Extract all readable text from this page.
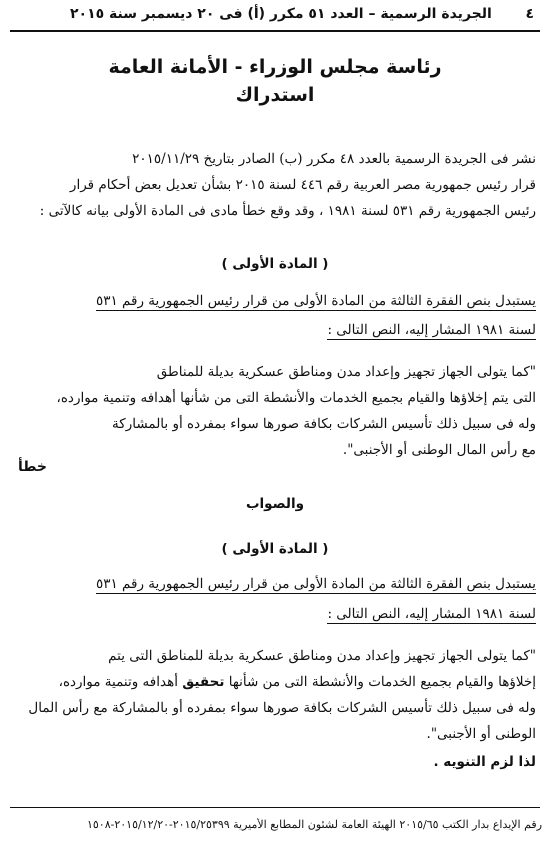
٤
الجريدة الرسمية – العدد ٥١ مكرر (أ) فى ٢٠ ديسمبر سنة ٢٠١٥
رئاسة مجلس الوزراء - الأمانة العامة
استدراك
نشر فى الجريدة الرسمية بالعدد ٤٨ مكرر (ب) الصادر بتاريخ ٢٠١٥/١١/٢٩
قرار رئيس جمهورية مصر العربية رقم ٤٤٦ لسنة ٢٠١٥ بشأن تعديل بعض أحكام قرار
رئيس الجمهورية رقم ٥٣١ لسنة ١٩٨١ ، وقد وقع خطأ مادى فى المادة الأولى بيانه كالآتى :
( المادة الأولى )
يستبدل بنص الفقرة الثالثة من المادة الأولى من قرار رئيس الجمهورية رقم ٥٣١
لسنة ١٩٨١ المشار إليه، النص التالى :
"كما يتولى الجهاز تجهيز وإعداد مدن ومناطق عسكرية بديلة للمناطق
التى يتم إخلاؤها والقيام بجميع الخدمات والأنشطة التى من شأنها أهدافه وتنمية موارده،
وله فى سبيل ذلك تأسيس الشركات بكافة صورها سواء بمفرده أو بالمشاركة
مع رأس المال الوطنى أو الأجنبى".
خطأ
والصواب
( المادة الأولى )
يستبدل بنص الفقرة الثالثة من المادة الأولى من قرار رئيس الجمهورية رقم ٥٣١
لسنة ١٩٨١ المشار إليه، النص التالى :
"كما يتولى الجهاز تجهيز وإعداد مدن ومناطق عسكرية بديلة للمناطق التى يتم
إخلاؤها والقيام بجميع الخدمات والأنشطة التى من شأنها تحقيق أهدافه وتنمية موارده،
وله فى سبيل ذلك تأسيس الشركات بكافة صورها سواء بمفرده أو بالمشاركة مع رأس المال
الوطنى أو الأجنبى".
لذا لزم التنويه .
رقم الإيداع بدار الكتب ٢٠١٥/٦٥ الهيئة العامة لشئون المطابع الأميرية ٢٠١٥/٢٥٣٩٩-٢٠١٥/١٢/٢٠-١٥٠٨
